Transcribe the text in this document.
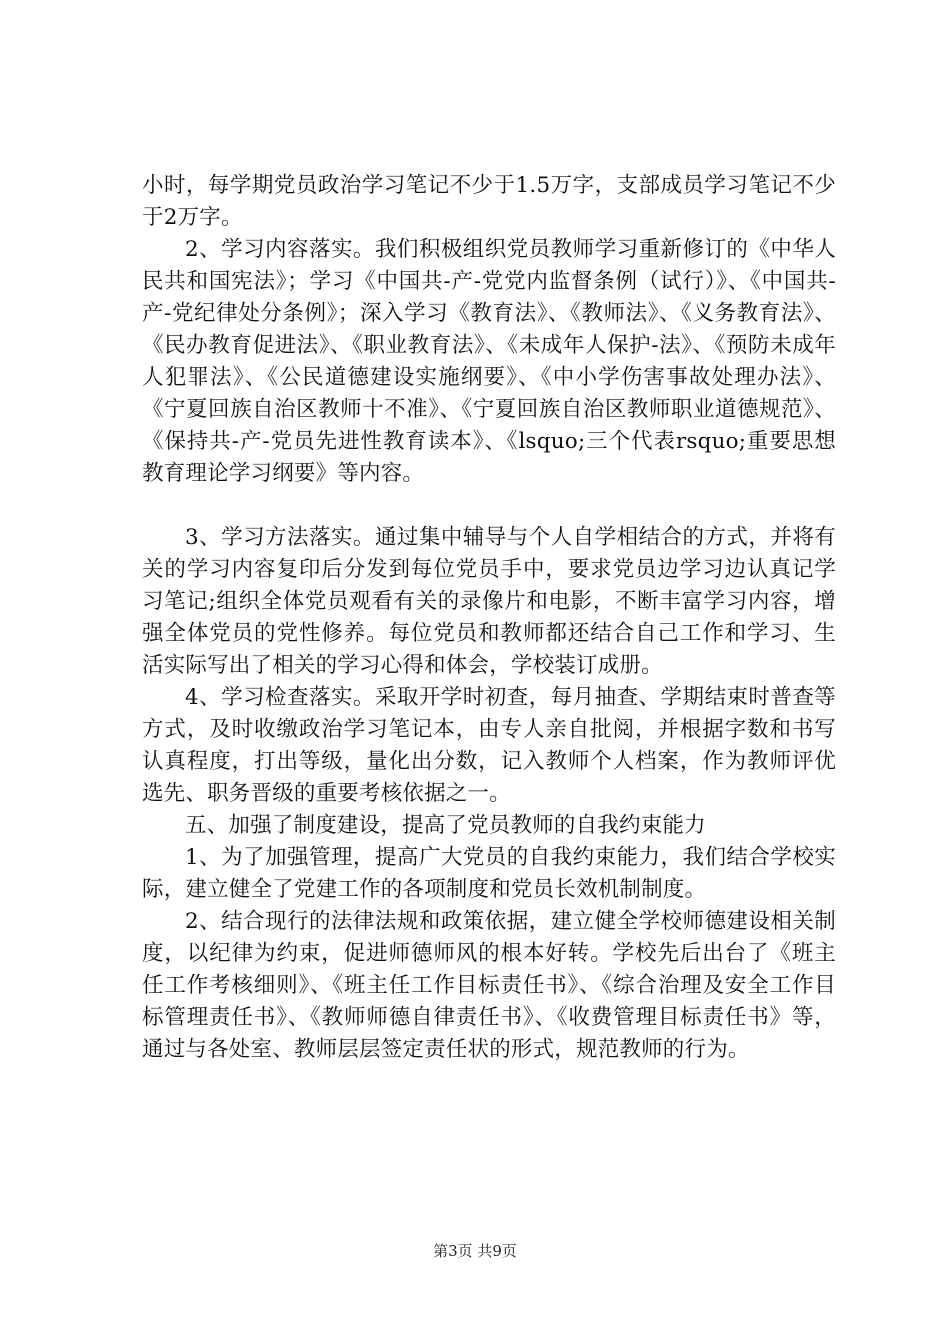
小时，每学期党员政治学习笔记不少于1.5万字，支部成员学习笔记不少于2万字。

2、学习内容落实。我们积极组织党员教师学习重新修订的《中华人民共和国宪法》；学习《中国共-产-党党内监督条例（试行）》、《中国共-产-党纪律处分条例》；深入学习《教育法》、《教师法》、《义务教育法》、《民办教育促进法》、《职业教育法》、《未成年人保护-法》、《预防未成年人犯罪法》、《公民道德建设实施纲要》、《中小学伤害事故处理办法》、《宁夏回族自治区教师十不准》、《宁夏回族自治区教师职业道德规范》、《保持共-产-党员先进性教育读本》、《lsquo;三个代表rsquo;重要思想教育理论学习纲要》等内容。

3、学习方法落实。通过集中辅导与个人自学相结合的方式，并将有关的学习内容复印后分发到每位党员手中，要求党员边学习边认真记学习笔记;组织全体党员观看有关的录像片和电影，不断丰富学习内容，增强全体党员的党性修养。每位党员和教师都还结合自己工作和学习、生活实际写出了相关的学习心得和体会，学校装订成册。

4、学习检查落实。采取开学时初查，每月抽查、学期结束时普查等方式，及时收缴政治学习笔记本，由专人亲自批阅，并根据字数和书写认真程度，打出等级，量化出分数，记入教师个人档案，作为教师评优选先、职务晋级的重要考核依据之一。

五、加强了制度建设，提高了党员教师的自我约束能力

1、为了加强管理，提高广大党员的自我约束能力，我们结合学校实际，建立健全了党建工作的各项制度和党员长效机制制度。

2、结合现行的法律法规和政策依据，建立健全学校师德建设相关制度，以纪律为约束，促进师德师风的根本好转。学校先后出台了《班主任工作考核细则》、《班主任工作目标责任书》、《综合治理及安全工作目标管理责任书》、《教师师德自律责任书》、《收费管理目标责任书》等，通过与各处室、教师层层签定责任状的形式，规范教师的行为。

第3页 共9页
